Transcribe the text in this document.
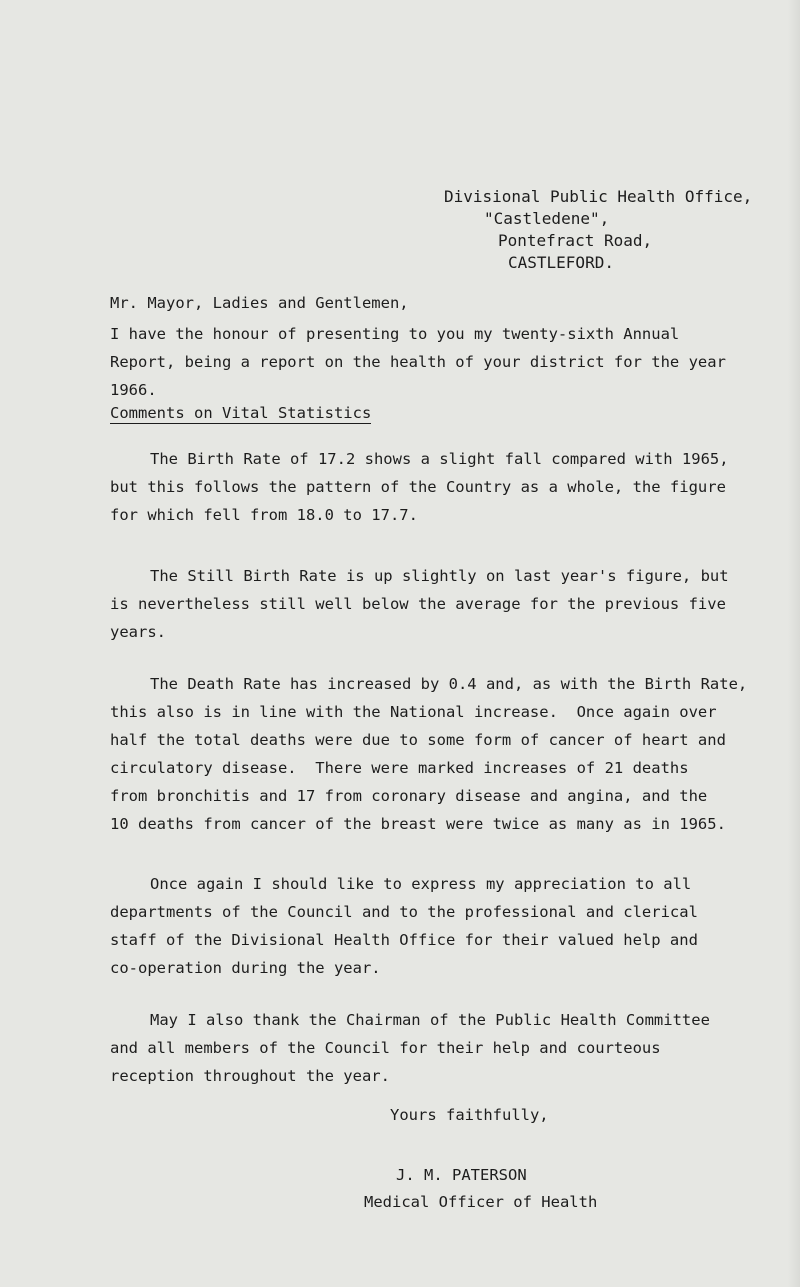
Divisional Public Health Office,
"Castledene",
Pontefract Road,
CASTLEFORD.
Mr. Mayor, Ladies and Gentlemen,
I have the honour of presenting to you my twenty-sixth Annual
Report, being a report on the health of your district for the year
1966.
Comments on Vital Statistics
The Birth Rate of 17.2 shows a slight fall compared with 1965,
but this follows the pattern of the Country as a whole, the figure
for which fell from 18.0 to 17.7.
The Still Birth Rate is up slightly on last year's figure, but
is nevertheless still well below the average for the previous five
years.
The Death Rate has increased by 0.4 and, as with the Birth Rate,
this also is in line with the National increase.  Once again over
half the total deaths were due to some form of cancer of heart and
circulatory disease.  There were marked increases of 21 deaths
from bronchitis and 17 from coronary disease and angina, and the
10 deaths from cancer of the breast were twice as many as in 1965.
Once again I should like to express my appreciation to all
departments of the Council and to the professional and clerical
staff of the Divisional Health Office for their valued help and
co-operation during the year.
May I also thank the Chairman of the Public Health Committee
and all members of the Council for their help and courteous
reception throughout the year.
Yours faithfully,
J. M. PATERSON
Medical Officer of Health
